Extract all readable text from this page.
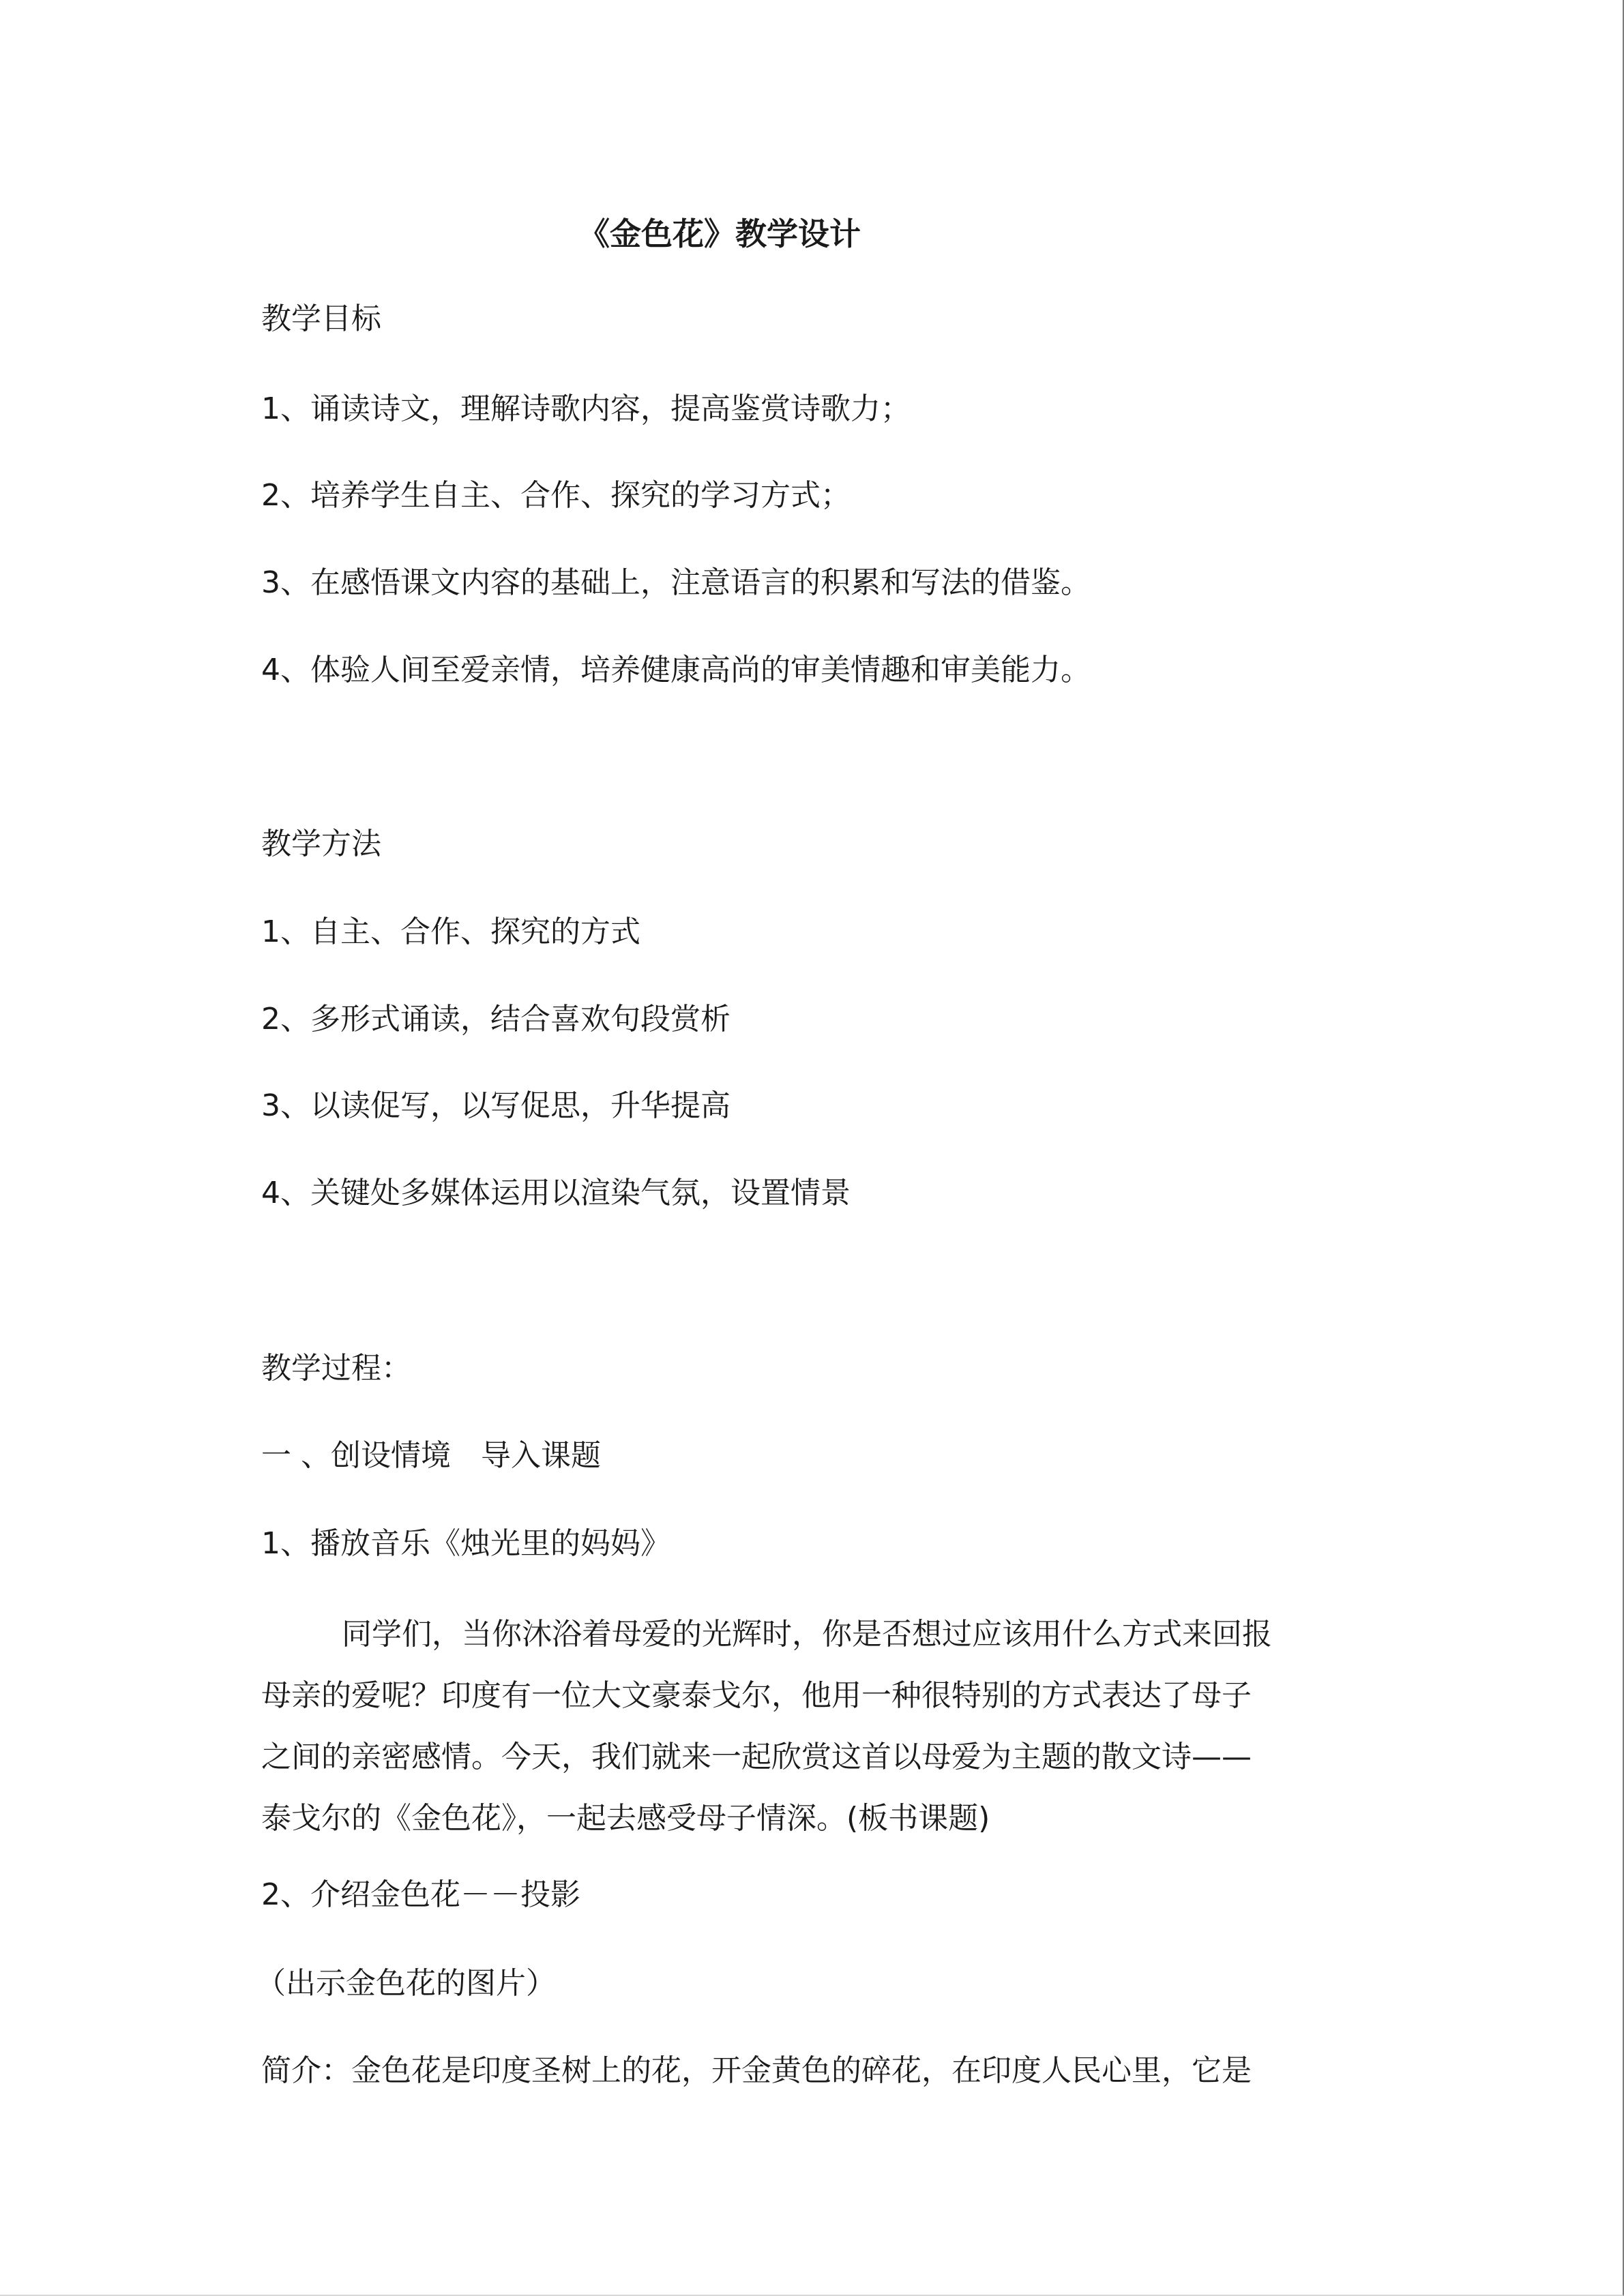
《金色花》教学设计
教学目标
1、诵读诗文，理解诗歌内容，提高鉴赏诗歌力；
2、培养学生自主、合作、探究的学习方式；
3、在感悟课文内容的基础上，注意语言的积累和写法的借鉴。
4、体验人间至爱亲情，培养健康高尚的审美情趣和审美能力。
教学方法
1、自主、合作、探究的方式
2、多形式诵读，结合喜欢句段赏析
3、以读促写，以写促思，升华提高
4、关键处多媒体运用以渲染气氛，设置情景
教学过程：
一 、创设情境　导入课题
1、播放音乐《烛光里的妈妈》

同学们，当你沐浴着母爱的光辉时，你是否想过应该用什么方式来回报

母亲的爱呢？印度有一位大文豪泰戈尔，他用一种很特别的方式表达了母子

之间的亲密感情。今天，我们就来一起欣赏这首以母爱为主题的散文诗——

泰戈尔的《金色花》，一起去感受母子情深。(板书课题)

2、介绍金色花－－投影
（出示金色花的图片）
简介：金色花是印度圣树上的花，开金黄色的碎花，在印度人民心里，它是
